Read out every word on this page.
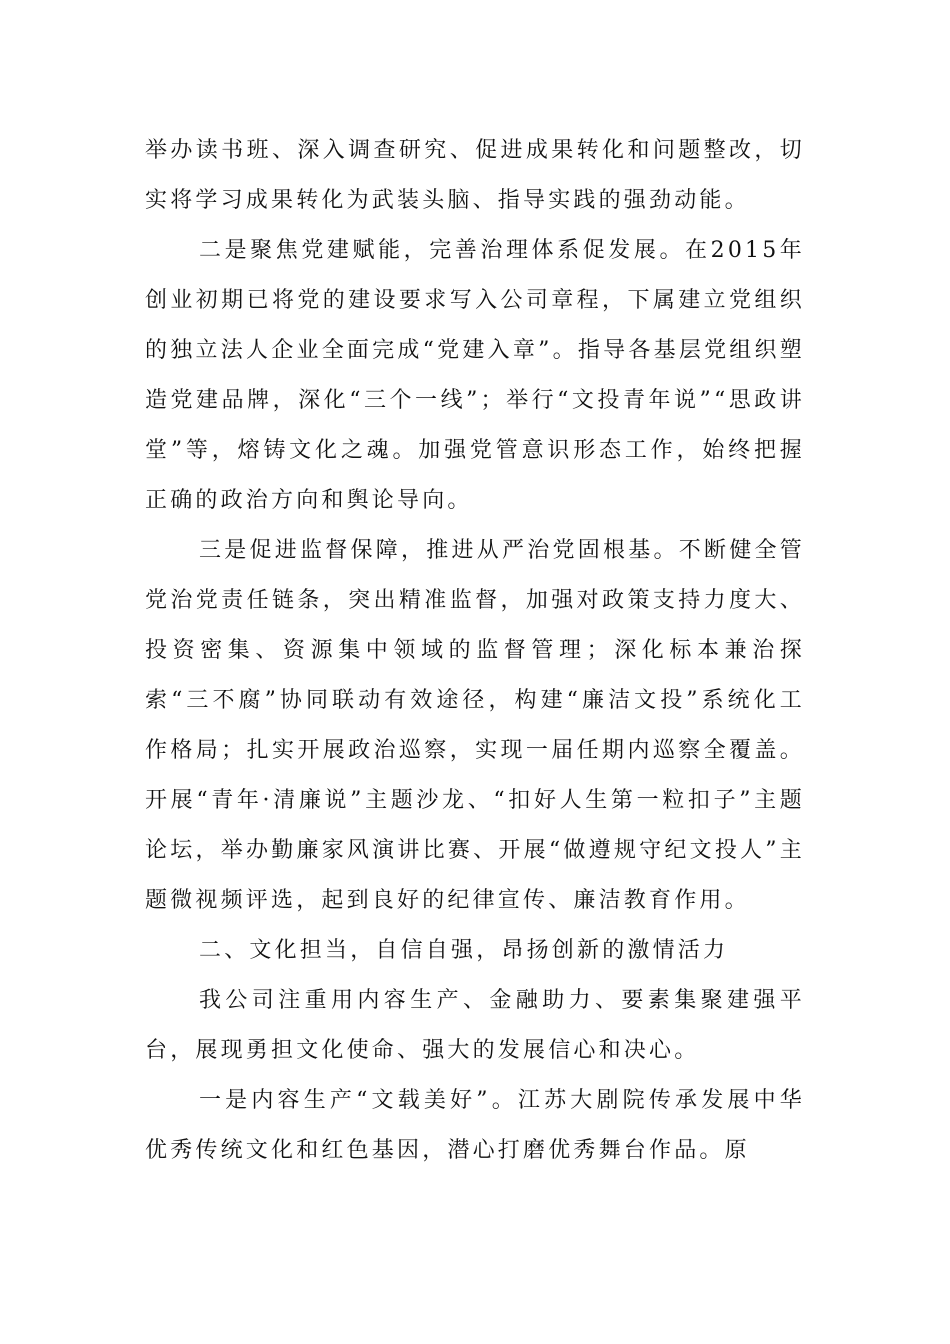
举办读书班、深入调查研究、促进成果转化和问题整改，切实将学习成果转化为武装头脑、指导实践的强劲动能。

二是聚焦党建赋能，完善治理体系促发展。在2015年创业初期已将党的建设要求写入公司章程，下属建立党组织的独立法人企业全面完成“党建入章”。指导各基层党组织塑造党建品牌，深化“三个一线”；举行“文投青年说”“思政讲堂”等，熔铸文化之魂。加强党管意识形态工作，始终把握正确的政治方向和舆论导向。

三是促进监督保障，推进从严治党固根基。不断健全管党治党责任链条，突出精准监督，加强对政策支持力度大、投资密集、资源集中领域的监督管理；深化标本兼治探索“三不腐”协同联动有效途径，构建“廉洁文投”系统化工作格局；扎实开展政治巡察，实现一届任期内巡察全覆盖。开展“青年·清廉说”主题沙龙、“扣好人生第一粒扣子”主题论坛，举办勤廉家风演讲比赛、开展“做遵规守纪文投人”主题微视频评选，起到良好的纪律宣传、廉洁教育作用。

二、文化担当，自信自强，昂扬创新的激情活力

我公司注重用内容生产、金融助力、要素集聚建强平台，展现勇担文化使命、强大的发展信心和决心。

一是内容生产“文载美好”。江苏大剧院传承发展中华优秀传统文化和红色基因，潜心打磨优秀舞台作品。原
